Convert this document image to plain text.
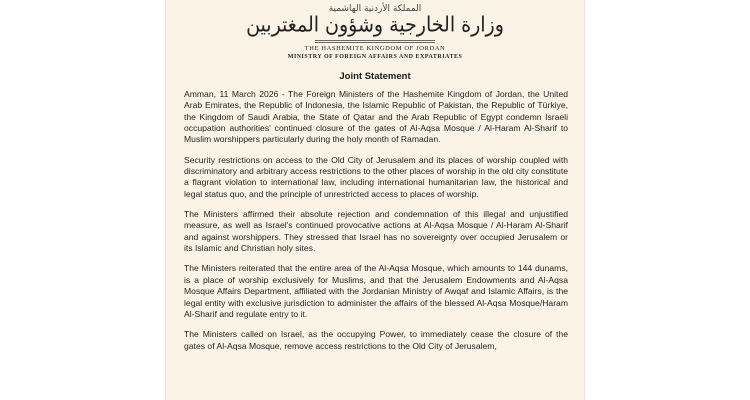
المملكة الأردنية الهاشمية
وزارة الخارجية وشؤون المغتربين
THE HASHEMITE KINGDOM OF JORDAN
MINISTRY OF FOREIGN AFFAIRS AND EXPATRIATES
Joint Statement

Amman, 11 March 2026 - The Foreign Ministers of the Hashemite Kingdom of Jordan, the United Arab Emirates, the Republic of Indonesia, the Islamic Republic of Pakistan, the Republic of Türkiye, the Kingdom of Saudi Arabia, the State of Qatar and the Arab Republic of Egypt condemn Israeli occupation authorities' continued closure of the gates of Al-Aqsa Mosque / Al-Haram Al-Sharif to Muslim worshippers particularly during the holy month of Ramadan.

Security restrictions on access to the Old City of Jerusalem and its places of worship coupled with discriminatory and arbitrary access restrictions to the other places of worship in the old city constitute a flagrant violation to international law, including international humanitarian law, the historical and legal status quo, and the principle of unrestricted access to places of worship.

The Ministers affirmed their absolute rejection and condemnation of this illegal and unjustified measure, as well as Israel's continued provocative actions at Al-Aqsa Mosque / Al-Haram Al-Sharif and against worshippers. They stressed that Israel has no sovereignty over occupied Jerusalem or its Islamic and Christian holy sites.

The Ministers reiterated that the entire area of the Al-Aqsa Mosque, which amounts to 144 dunams, is a place of worship exclusively for Muslims, and that the Jerusalem Endowments and Al-Aqsa Mosque Affairs Department, affiliated with the Jordanian Ministry of Awqaf and Islamic Affairs, is the legal entity with exclusive jurisdiction to administer the affairs of the blessed Al-Aqsa Mosque/Haram Al-Sharif and regulate entry to it.

The Ministers called on Israel, as the occupying Power, to immediately cease the closure of the gates of Al-Aqsa Mosque, remove access restrictions to the Old City of Jerusalem,
